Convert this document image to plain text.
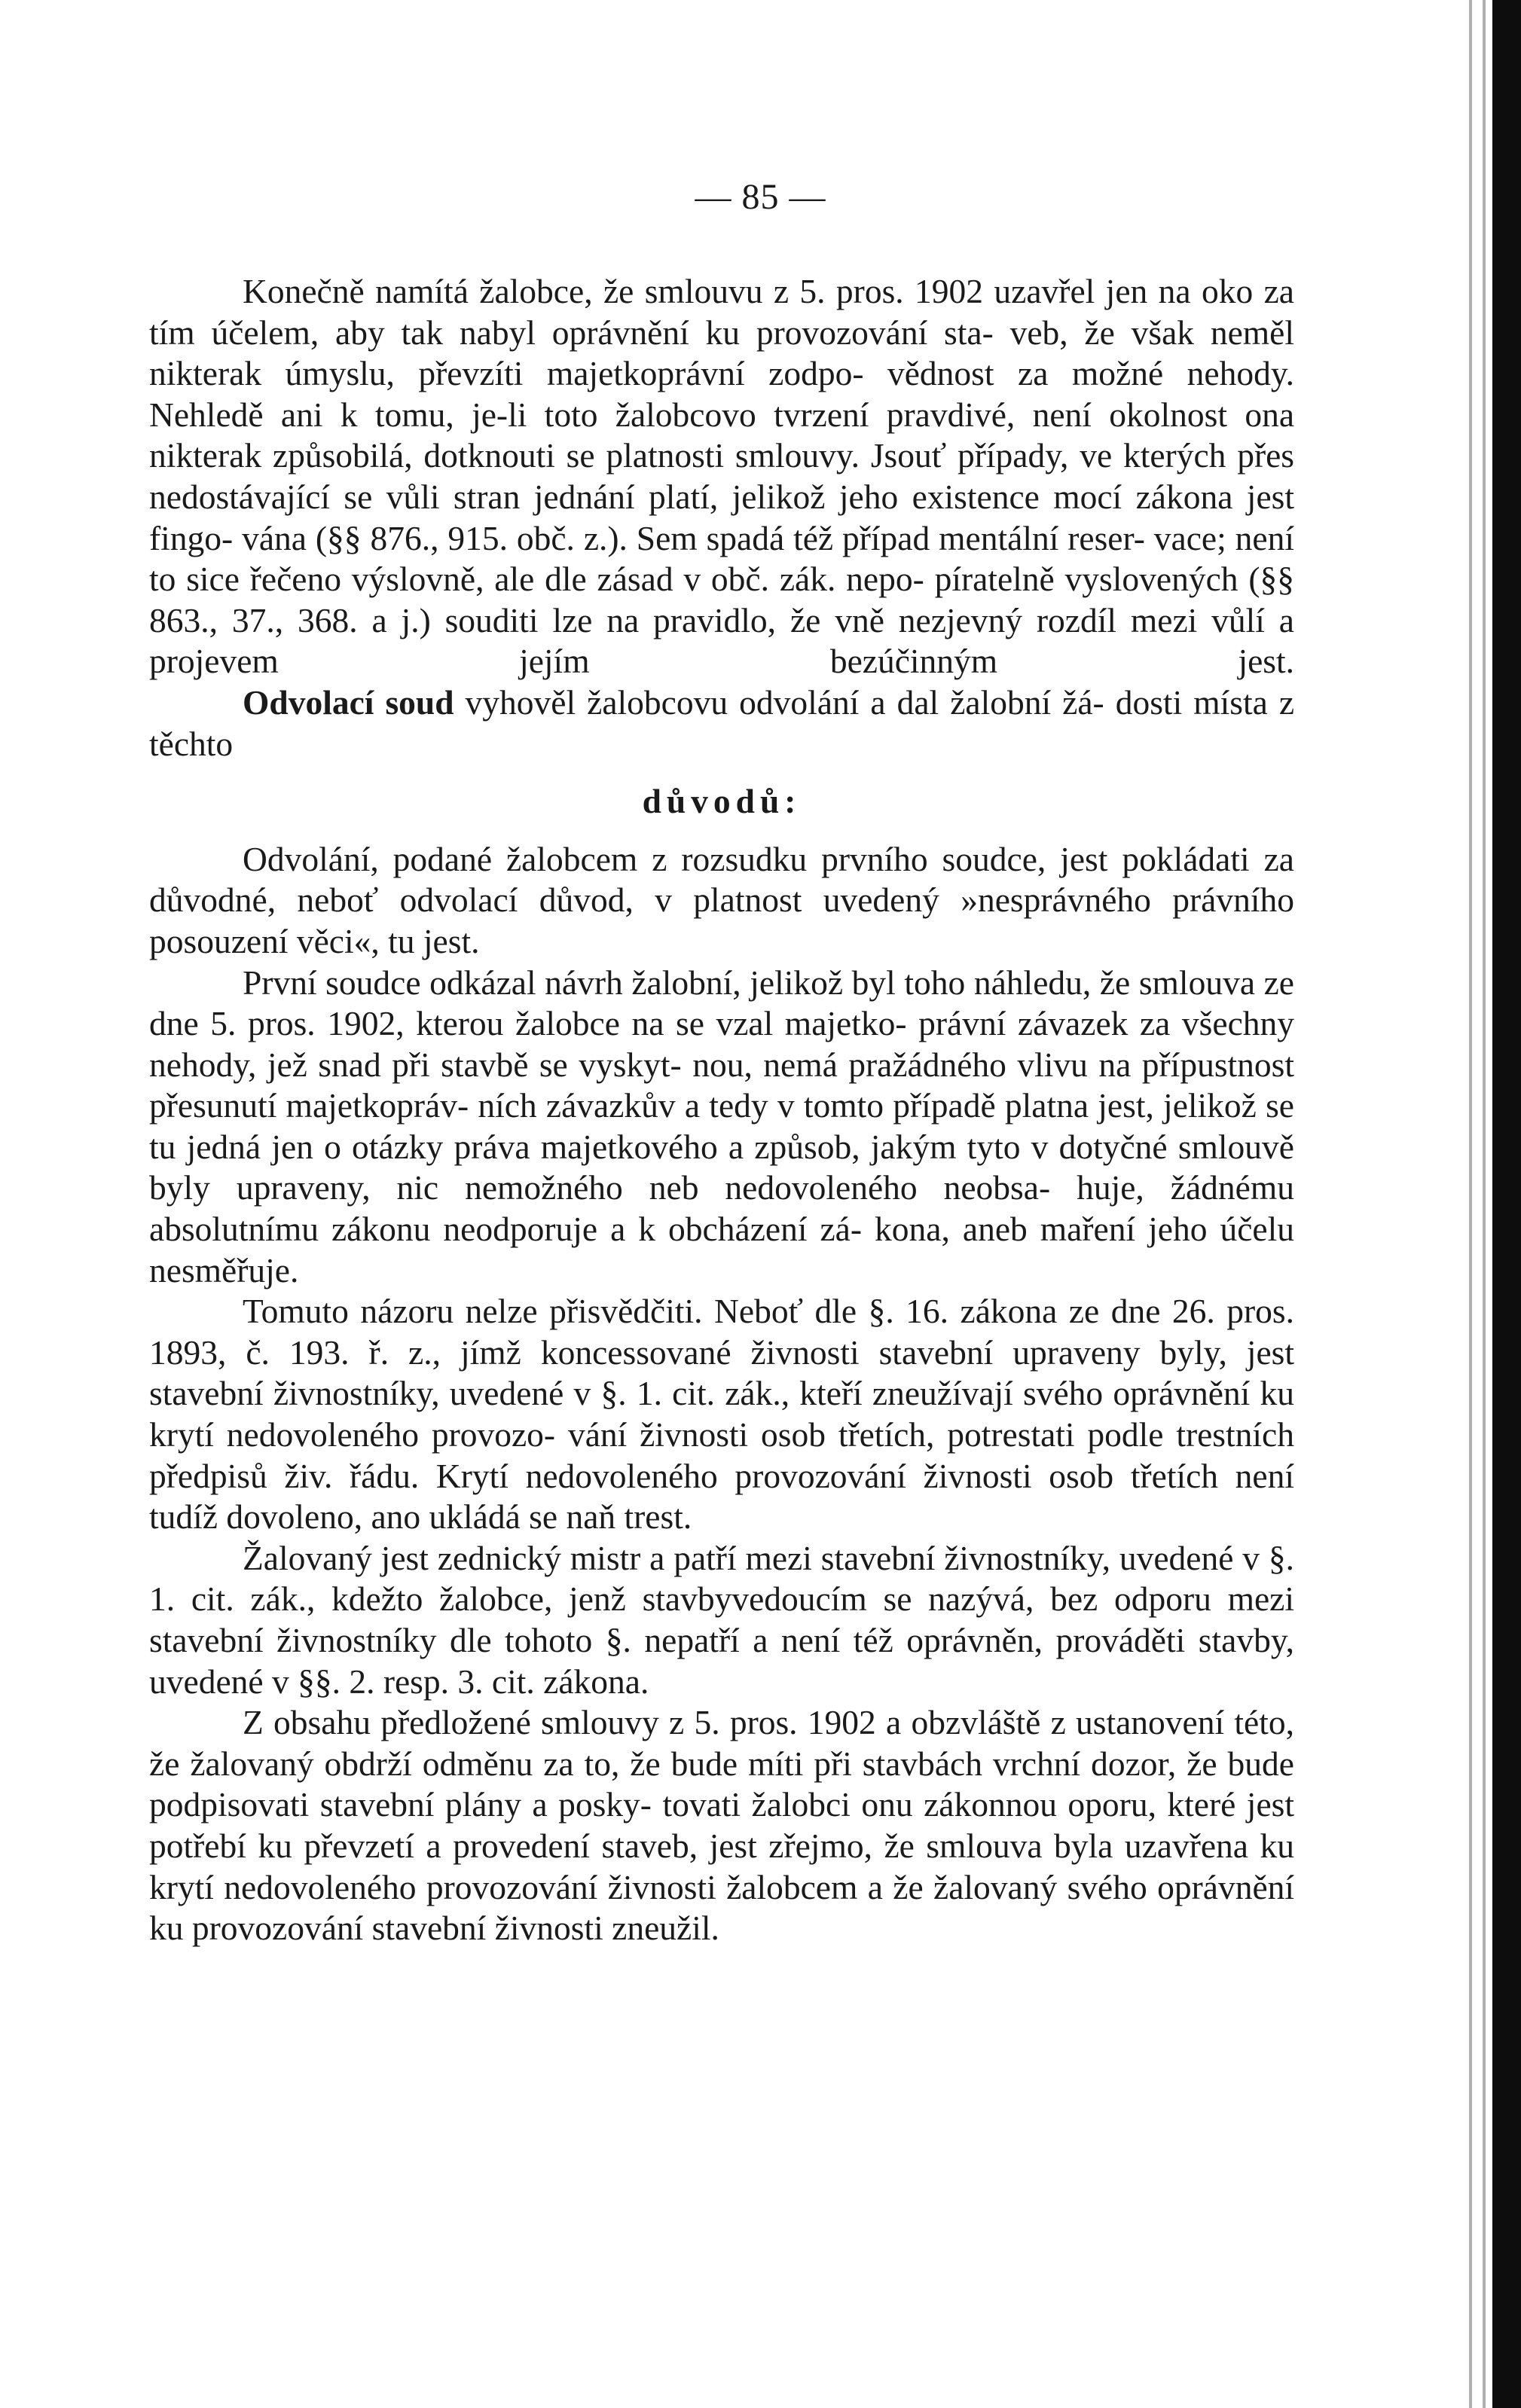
— 85 —

Konečně namítá žalobce, že smlouvu z 5. pros. 1902 uzavřel jen na oko za tím účelem, aby tak nabyl oprávnění ku provozování sta- veb, že však neměl nikterak úmyslu, převzíti majetkoprávní zodpo- vědnost za možné nehody. Nehledě ani k tomu, je-li toto žalobcovo tvrzení pravdivé, není okolnost ona nikterak způsobilá, dotknouti se platnosti smlouvy. Jsouť případy, ve kterých přes nedostávající se vůli stran jednání platí, jelikož jeho existence mocí zákona jest fingo- vána (§§ 876., 915. obč. z.). Sem spadá též případ mentální reser- vace; není to sice řečeno výslovně, ale dle zásad v obč. zák. nepo- píratelně vyslovených (§§ 863., 37., 368. a j.) souditi lze na pravidlo, že vně nezjevný rozdíl mezi vůlí a projevem jejím bezúčinným jest.

Odvolací soud vyhověl žalobcovu odvolání a dal žalobní žá- dosti místa z těchto

důvodů:

Odvolání, podané žalobcem z rozsudku prvního soudce, jest pokládati za důvodné, neboť odvolací důvod, v platnost uvedený »nesprávného právního posouzení věci«, tu jest.

První soudce odkázal návrh žalobní, jelikož byl toho náhledu, že smlouva ze dne 5. pros. 1902, kterou žalobce na se vzal majetko- právní závazek za všechny nehody, jež snad při stavbě se vyskyt- nou, nemá pražádného vlivu na přípustnost přesunutí majetkopráv- ních závazkův a tedy v tomto případě platna jest, jelikož se tu jedná jen o otázky práva majetkového a způsob, jakým tyto v dotyčné smlouvě byly upraveny, nic nemožného neb nedovoleného neobsa- huje, žádnému absolutnímu zákonu neodporuje a k obcházení zá- kona, aneb maření jeho účelu nesměřuje.

Tomuto názoru nelze přisvědčiti. Neboť dle §. 16. zákona ze dne 26. pros. 1893, č. 193. ř. z., jímž koncessované živnosti stavební upraveny byly, jest stavební živnostníky, uvedené v §. 1. cit. zák., kteří zneužívají svého oprávnění ku krytí nedovoleného provozo- vání živnosti osob třetích, potrestati podle trestních předpisů živ. řádu. Krytí nedovoleného provozování živnosti osob třetích není tudíž dovoleno, ano ukládá se naň trest.

Žalovaný jest zednický mistr a patří mezi stavební živnostníky, uvedené v §. 1. cit. zák., kdežto žalobce, jenž stavbyvedoucím se nazývá, bez odporu mezi stavební živnostníky dle tohoto §. nepatří a není též oprávněn, prováděti stavby, uvedené v §§. 2. resp. 3. cit. zákona.

Z obsahu předložené smlouvy z 5. pros. 1902 a obzvláště z ustanovení této, že žalovaný obdrží odměnu za to, že bude míti při stavbách vrchní dozor, že bude podpisovati stavební plány a posky- tovati žalobci onu zákonnou oporu, které jest potřebí ku převzetí a provedení staveb, jest zřejmo, že smlouva byla uzavřena ku krytí nedovoleného provozování živnosti žalobcem a že žalovaný svého oprávnění ku provozování stavební živnosti zneužil.
